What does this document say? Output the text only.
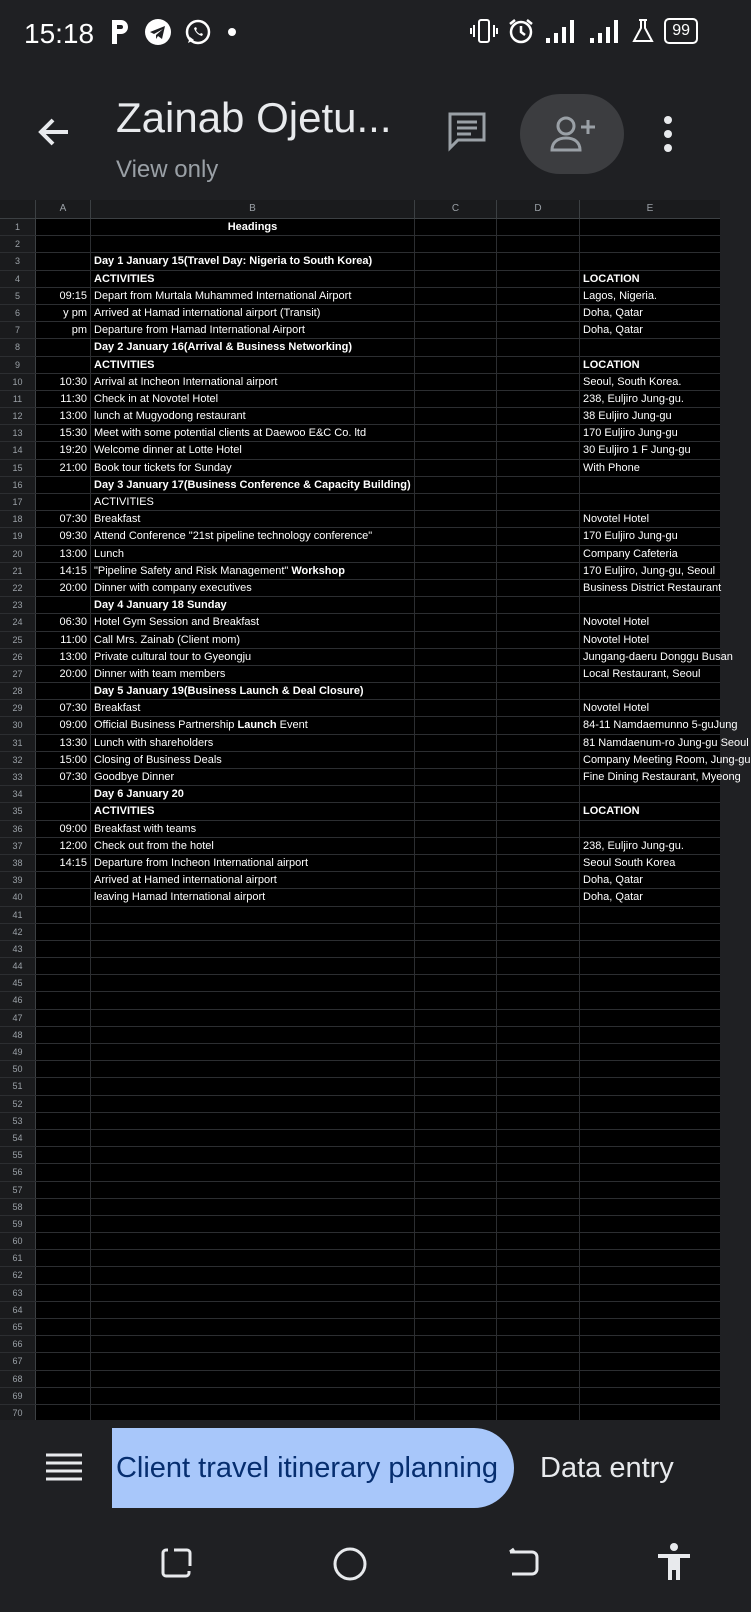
15:18	99
Zainab Ojetu...
View only
A	B	C	D	E
1	Headings
2
3	Day 1 January 15(Travel Day: Nigeria to South Korea)
4	ACTIVITIES	LOCATION
5	09:15 Depart from Murtala Muhammed International Airport	Lagos, Nigeria.
6	y pm Arrived at Hamad international airport (Transit)	Doha, Qatar
7	pm Departure from Hamad International Airport	Doha, Qatar
8	Day 2 January 16(Arrival & Business Networking)
9	ACTIVITIES	LOCATION
10	10:30 Arrival at Incheon International airport	Seoul, South Korea.
11	11:30 Check in at Novotel Hotel	238, Euljiro Jung-gu.
12	13:00 lunch at Mugyodong restaurant	38 Euljiro Jung-gu
13	15:30 Meet with some potential clients at Daewoo E&C Co. ltd	170 Euljiro Jung-gu
14	19:20 Welcome dinner at Lotte Hotel	30 Euljiro 1 F Jung-gu
15	21:00 Book tour tickets for Sunday	With Phone
16	Day 3 January 17(Business Conference & Capacity Building)
17	ACTIVITIES
18	07:30 Breakfast	Novotel Hotel
19	09:30 Attend Conference "21st pipeline technology conference"	170 Euljiro Jung-gu
20	13:00 Lunch	Company Cafeteria
21	14:15 "Pipeline Safety and Risk Management" Workshop	170 Euljiro, Jung-gu, Seoul
22	20:00 Dinner with company executives	Business District Restaurant
23	Day 4 January 18 Sunday
24	06:30 Hotel Gym Session and Breakfast	Novotel Hotel
25	11:00 Call Mrs. Zainab (Client mom)	Novotel Hotel
26	13:00 Private cultural tour to Gyeongju	Jungang-daeru Donggu Busan
27	20:00 Dinner with team members	Local Restaurant, Seoul
28	Day 5 January 19(Business Launch & Deal Closure)
29	07:30 Breakfast	Novotel Hotel
30	09:00 Official Business Partnership Launch Event	84-11 Namdaemunno 5-guJung
31	13:30 Lunch with shareholders	81 Namdaenum-ro Jung-gu Seoul
32	15:00 Closing of Business Deals	Company Meeting Room, Jung-gu
33	07:30 Goodbye Dinner	Fine Dining Restaurant, Myeong
34	Day 6 January 20
35	ACTIVITIES	LOCATION
36	09:00 Breakfast with teams
37	12:00 Check out from the hotel	238, Euljiro Jung-gu.
38	14:15 Departure from Incheon International airport	Seoul South Korea
39	Arrived at Hamed international airport	Doha, Qatar
40	leaving Hamad International airport	Doha, Qatar
41
42
43
44
45
46
47
48
49
50
51
52
53
54
55
56
57
58
59
60
61
62
63
64
65
66
67
68
69
70
Client travel itinerary planning Data entry
